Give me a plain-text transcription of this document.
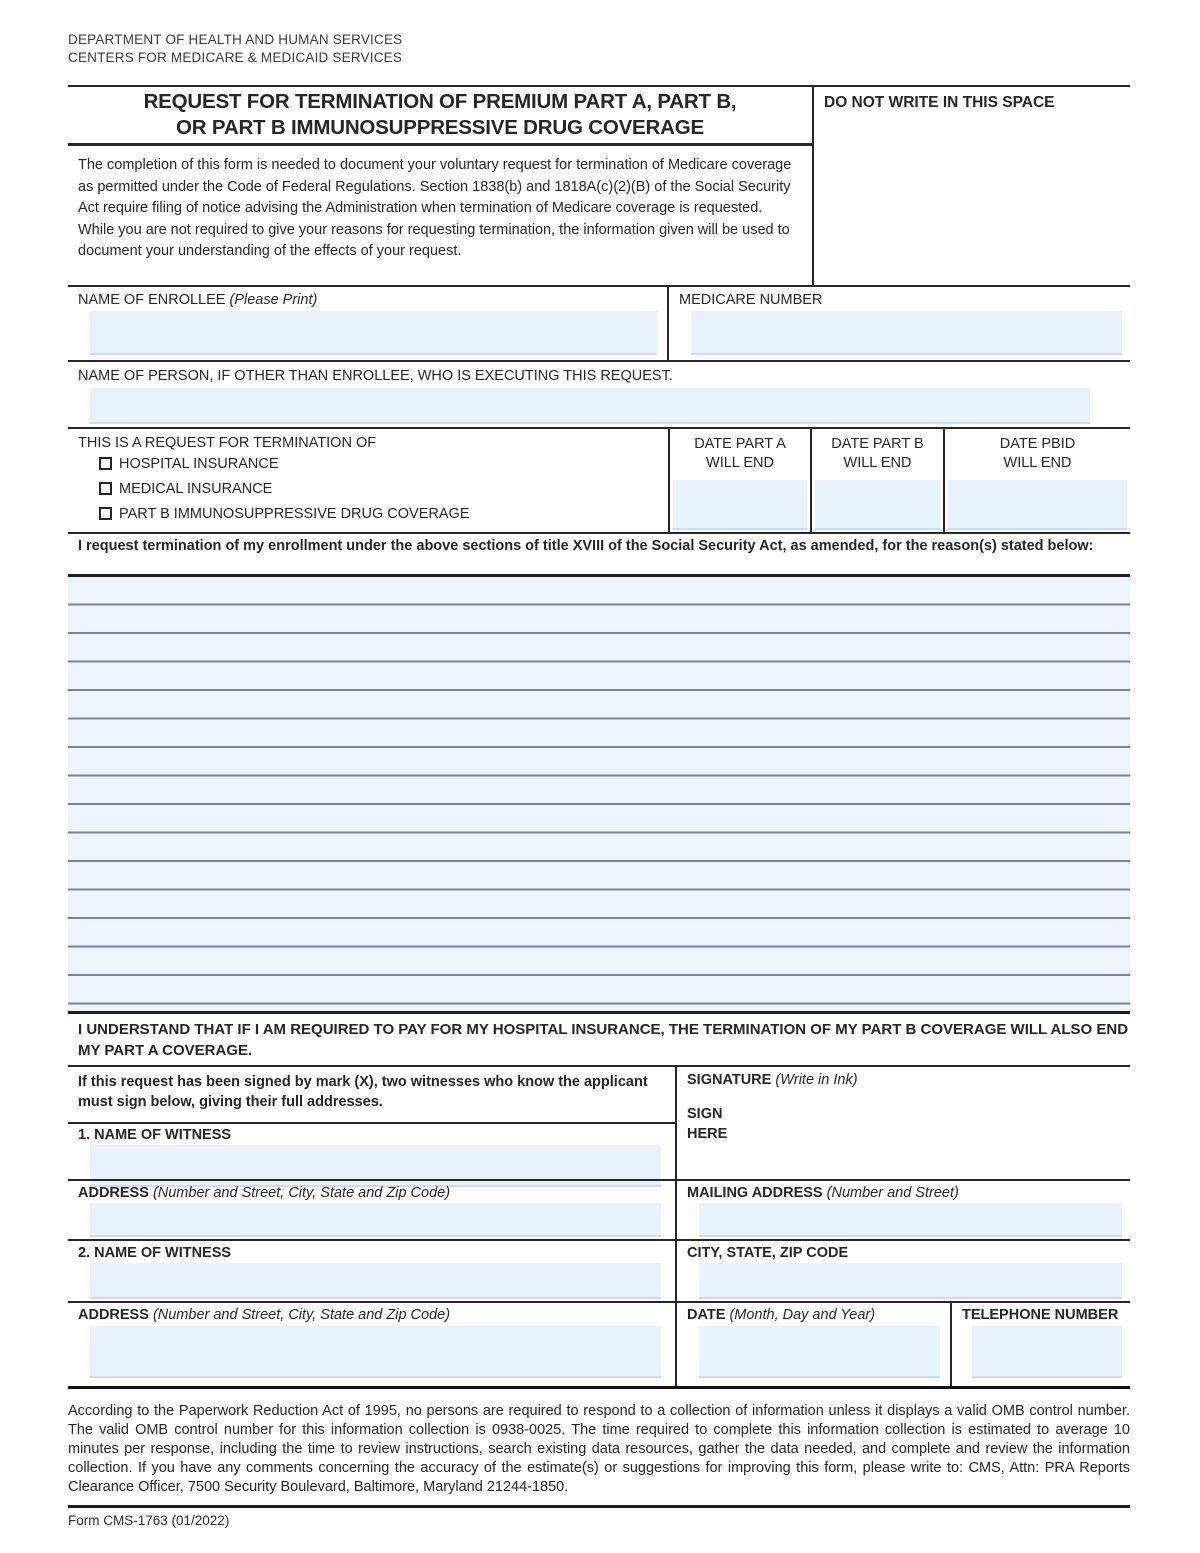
DEPARTMENT OF HEALTH AND HUMAN SERVICES
CENTERS FOR MEDICARE & MEDICAID SERVICES
REQUEST FOR TERMINATION OF PREMIUM PART A, PART B,
OR PART B IMMUNOSUPPRESSIVE DRUG COVERAGE
The completion of this form is needed to document your voluntary request for termination of Medicare coverage as permitted under the Code of Federal Regulations. Section 1838(b) and 1818A(c)(2)(B) of the Social Security Act require filing of notice advising the Administration when termination of Medicare coverage is requested. While you are not required to give your reasons for requesting termination, the information given will be used to document your understanding of the effects of your request.
DO NOT WRITE IN THIS SPACE
NAME OF ENROLLEE (Please Print)	MEDICARE NUMBER
NAME OF PERSON, IF OTHER THAN ENROLLEE, WHO IS EXECUTING THIS REQUEST.
THIS IS A REQUEST FOR TERMINATION OF
HOSPITAL INSURANCE
MEDICAL INSURANCE
PART B IMMUNOSUPPRESSIVE DRUG COVERAGE
DATE PART A
WILL END
DATE PART B
WILL END
DATE PBID
WILL END
I request termination of my enrollment under the above sections of title XVIII of the Social Security Act, as amended, for the reason(s) stated below:
I UNDERSTAND THAT IF I AM REQUIRED TO PAY FOR MY HOSPITAL INSURANCE, THE TERMINATION OF MY PART B COVERAGE WILL ALSO END MY PART A COVERAGE.
If this request has been signed by mark (X), two witnesses who know the applicant must sign below, giving their full addresses.
1. NAME OF WITNESS
ADDRESS (Number and Street, City, State and Zip Code)
2. NAME OF WITNESS
ADDRESS (Number and Street, City, State and Zip Code)
SIGNATURE (Write in Ink)
SIGN
HERE
MAILING ADDRESS (Number and Street)
CITY, STATE, ZIP CODE
DATE (Month, Day and Year)	TELEPHONE NUMBER
According to the Paperwork Reduction Act of 1995, no persons are required to respond to a collection of information unless it displays a valid OMB control number. The valid OMB control number for this information collection is 0938-0025. The time required to complete this information collection is estimated to average 10 minutes per response, including the time to review instructions, search existing data resources, gather the data needed, and complete and review the information collection. If you have any comments concerning the accuracy of the estimate(s) or suggestions for improving this form, please write to: CMS, Attn: PRA Reports Clearance Officer, 7500 Security Boulevard, Baltimore, Maryland 21244-1850.
Form CMS-1763 (01/2022)
